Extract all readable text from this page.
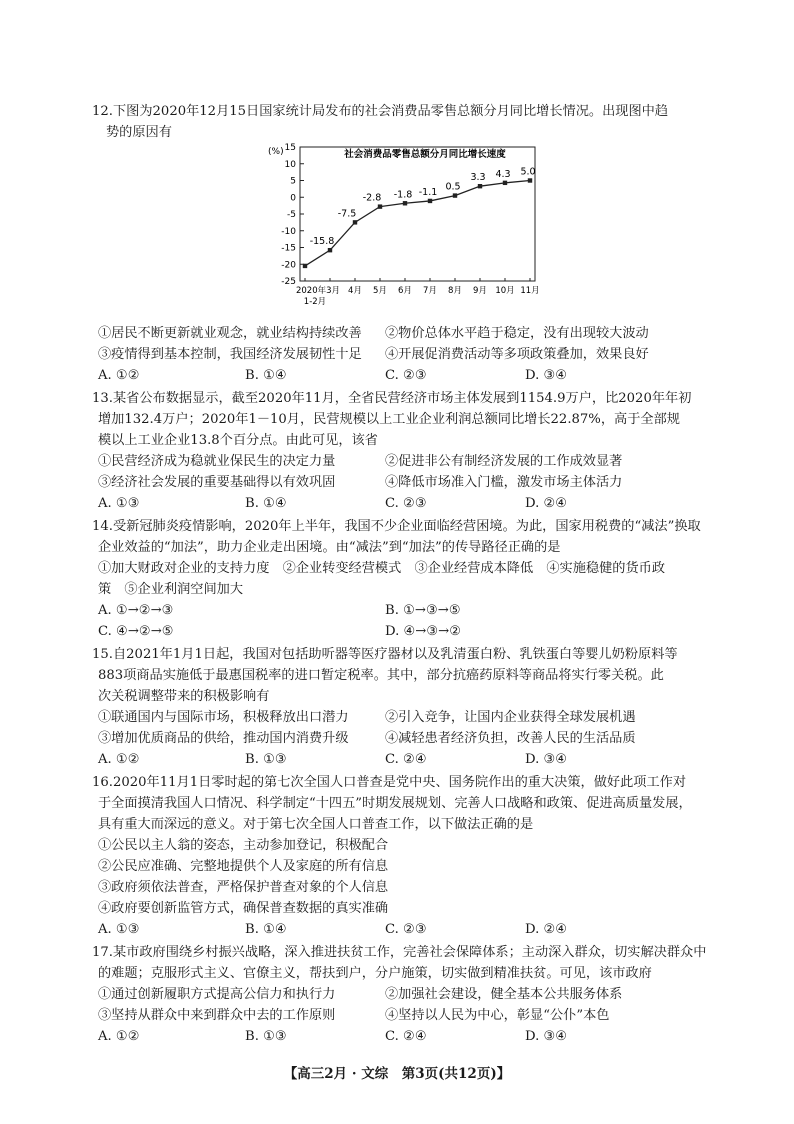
12.下图为2020年12月15日国家统计局发布的社会消费品零售总额分月同比增长情况。出现图中趋
势的原因有
(%)	社会消费品零售总额分月同比增长速度
15
10
5
0
-5
-10
-15
-20
-25
2020年3月 4月 5月 6月 7月 8月 9月 10月 11月
-15.8
-7.5
-2.8 -1.8 -1.1 0.5
3.3 4.3 5.0
1-2月
①居民不断更新就业观念，就业结构持续改善 ②物价总体水平趋于稳定，没有出现较大波动
③疫情得到基本控制，我国经济发展韧性十足 ④开展促消费活动等多项政策叠加，效果良好
A. ①②	B. ①④	C. ②③	D. ③④
13.某省公布数据显示，截至2020年11月，全省民营经济市场主体发展到1154.9万户，比2020年年初
增加132.4万户；2020年1－10月，民营规模以上工业企业利润总额同比增长22.87%，高于全部规
模以上工业企业13.8个百分点。由此可见，该省
①民营经济成为稳就业保民生的决定力量	②促进非公有制经济发展的工作成效显著
③经济社会发展的重要基础得以有效巩固	④降低市场准入门槛，激发市场主体活力
A. ①③	B. ①④	C. ②③	D. ②④
14.受新冠肺炎疫情影响，2020年上半年，我国不少企业面临经营困境。为此，国家用税费的“减法”换取
企业效益的“加法”，助力企业走出困境。由“减法”到“加法”的传导路径正确的是
①加大财政对企业的支持力度　②企业转变经营模式　③企业经营成本降低　④实施稳健的货币政
策　⑤企业利润空间加大
A. ①→②→③	B. ①→③→⑤
C. ④→②→⑤	D. ④→③→②
15.自2021年1月1日起，我国对包括助听器等医疗器材以及乳清蛋白粉、乳铁蛋白等婴儿奶粉原料等
883项商品实施低于最惠国税率的进口暂定税率。其中，部分抗癌药原料等商品将实行零关税。此
次关税调整带来的积极影响有
①联通国内与国际市场，积极释放出口潜力	②引入竞争，让国内企业获得全球发展机遇
③增加优质商品的供给，推动国内消费升级	④减轻患者经济负担，改善人民的生活品质
A. ①②	B. ①③	C. ②④	D. ③④
16.2020年11月1日零时起的第七次全国人口普查是党中央、国务院作出的重大决策，做好此项工作对
于全面摸清我国人口情况、科学制定“十四五”时期发展规划、完善人口战略和政策、促进高质量发展，
具有重大而深远的意义。对于第七次全国人口普查工作，以下做法正确的是
①公民以主人翁的姿态，主动参加登记，积极配合
②公民应准确、完整地提供个人及家庭的所有信息
③政府须依法普查，严格保护普查对象的个人信息
④政府要创新监管方式，确保普查数据的真实准确
A. ①③	B. ①④	C. ②③	D. ②④
17.某市政府围绕乡村振兴战略，深入推进扶贫工作，完善社会保障体系；主动深入群众，切实解决群众中
的难题；克服形式主义、官僚主义，帮扶到户，分户施策，切实做到精准扶贫。可见，该市政府
①通过创新履职方式提高公信力和执行力	②加强社会建设，健全基本公共服务体系
③坚持从群众中来到群众中去的工作原则	④坚持以人民为中心，彰显“公仆”本色
A. ①②	B. ①③	C. ②④	D. ③④
【高三2月 · 文综　第3页(共12页)】
